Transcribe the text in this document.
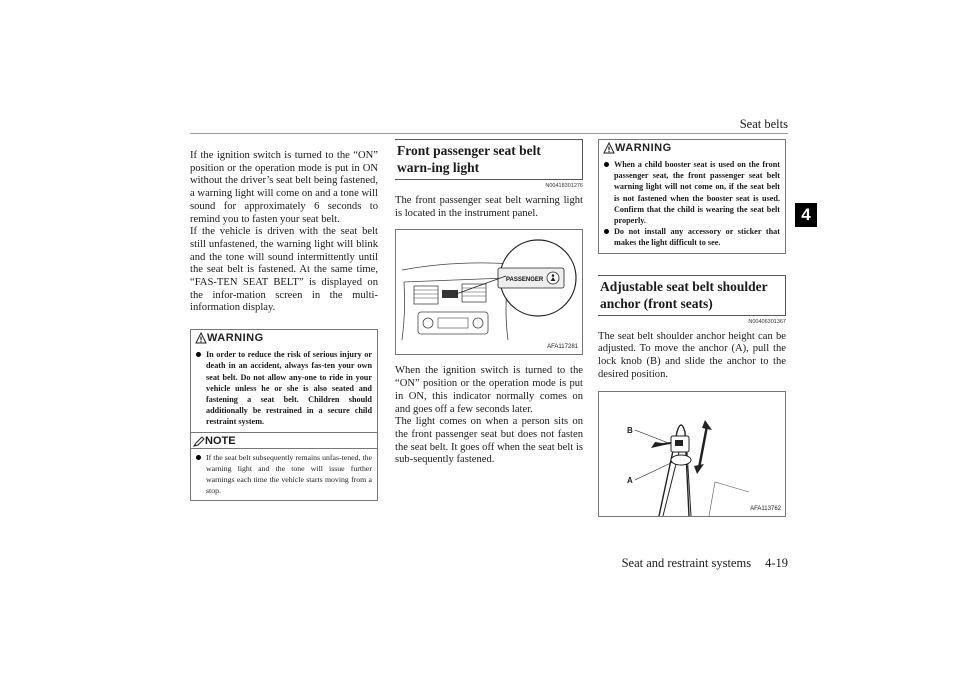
Seat belts
4

If the ignition switch is turned to the “ON” position or the operation mode is put in ON without the driver’s seat belt being fastened, a warning light will come on and a tone will sound for approximately 6 seconds to remind you to fasten your seat belt.

If the vehicle is driven with the seat belt still unfastened, the warning light will blink and the tone will sound intermittently until the seat belt is fastened. At the same time, “FAS-TEN SEAT BELT” is displayed on the infor-mation screen in the multi-information display.

WARNING
In order to reduce the risk of serious injury or death in an accident, always fas-ten your own seat belt. Do not allow any-one to ride in your vehicle unless he or she is also seated and fastening a seat belt. Children should additionally be restrained in a secure child restraint system.
NOTE
If the seat belt subsequently remains unfas-tened, the warning light and the tone will issue further warnings each time the vehicle starts moving from a stop.
Front passenger seat belt warn-ing light
N00418301276

The front passenger seat belt warning light is located in the instrument panel.

PASSENGER
AFA117281

When the ignition switch is turned to the “ON” position or the operation mode is put in ON, this indicator normally comes on and goes off a few seconds later.

The light comes on when a person sits on the front passenger seat but does not fasten the seat belt. It goes off when the seat belt is sub-sequently fastened.

WARNING
When a child booster seat is used on the front passenger seat, the front passenger seat belt warning light will not come on, if the seat belt is not fastened when the booster seat is used. Confirm that the child is wearing the seat belt properly.
Do not install any accessory or sticker that makes the light difficult to see.
Adjustable seat belt shoulder anchor (front seats)
N00406301367

The seat belt shoulder anchor height can be adjusted. To move the anchor (A), pull the lock knob (B) and slide the anchor to the desired position.

B
A
AFA113762
Seat and restraint systems 4-19
